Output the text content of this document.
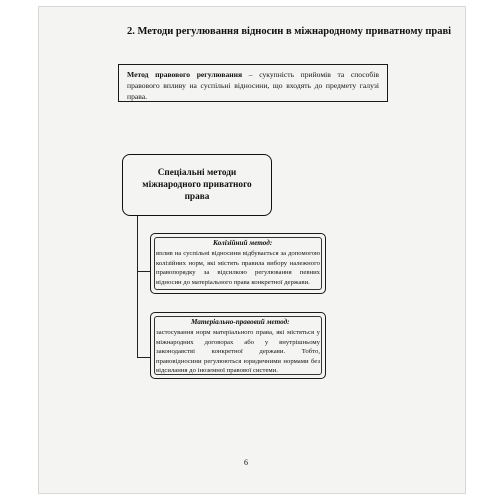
2. Методи регулювання відносин в міжнародному приватному праві
Метод правового регулювання – сукупність прийомів та способів правового впливу на суспільні відносини, що входять до предмету галузі права.
Спеціальні методи міжнародного приватного права
Колізійний метод:
вплив на суспільні відносини відбувається за допомогою колізійних норм, які містять правила вибору належного правопорядку за відсилкою регулювання певних відносин до матеріального права конкретної держави.
Матеріально-правовий метод:
застосування норм матеріального права, які містяться у міжнародних договорах або у внутрішньому законодавстві конкретної держави. Тобто, правовідносини регулюються юридичними нормами без відсилання до іноземної правової системи.
6
